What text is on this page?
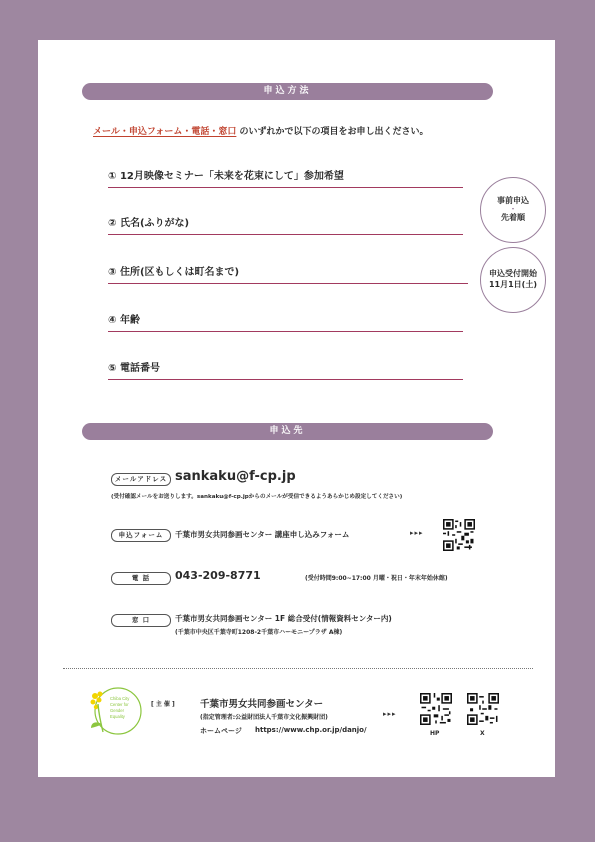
申込方法
メール・申込フォーム・電話・窓口 のいずれかで以下の項目をお申し出ください。
① 12月映像セミナー「未来を花束にして」参加希望
② 氏名(ふりがな)
③ 住所(区もしくは町名まで)
④ 年齢
⑤ 電話番号
事前申込
・
先着順
申込受付開始
11月1日(土)
申込先
メールアドレス sankaku@f-cp.jp
(受付確認メールをお送りします。sankaku@f-cp.jpからのメールが受信できるようあらかじめ設定してください)
申込フォーム	千葉市男女共同参画センター 講座申し込みフォーム	▸▸▸
電 話	043-209-8771	(受付時間9:00~17:00 月曜・祝日・年末年始休館)
窓 口	千葉市男女共同参画センター 1F 総合受付(情報資料センター内)
(千葉市中央区千葉寺町1208-2千葉市ハーモニープラザ A棟)
Chiba City
Center for
Gender
Equality
[ 主 催 ]	千葉市男女共同参画センター
(指定管理者:公益財団法人千葉市文化振興財団)
ホームページ https://www.chp.or.jp/danjo/
▸▸▸
HP	X
